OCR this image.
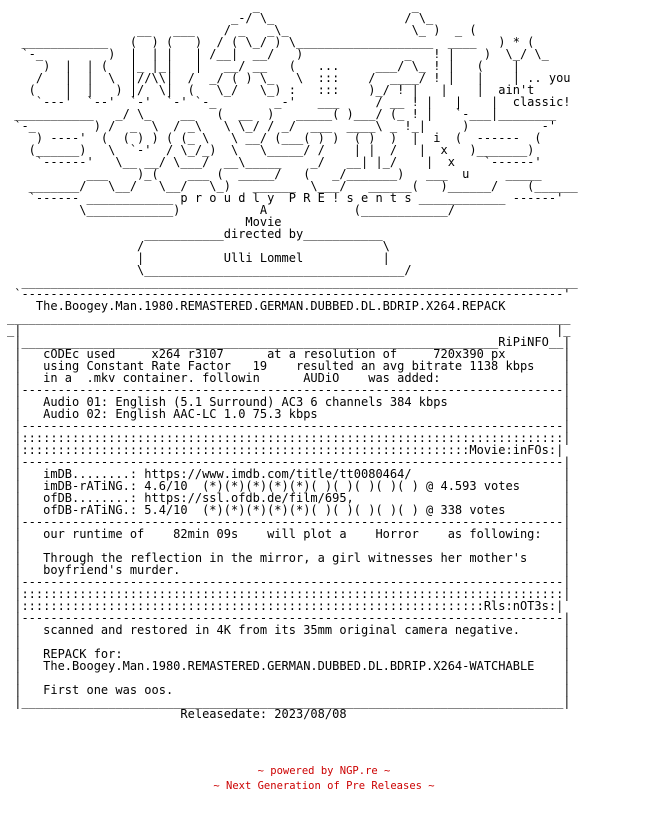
_                     _
_-/ \_                  / \_
__   ___    / _   _\_                 \_ )  _ (
____________   (  ) (   )  / ( \_/ ) \___________________  ____   ) * (
`-_         )  |  | |   | /__|  __/   )              _   ! |    )  \_/ \_
)  |  | (   |_ |_|   |   __/ __   (   ...     ___/ \_ ! |   (    |
/   |  |  \  |//\\|  /  _/ ( ) \_   \  :::    /  ____/ ! |   |    | .. you
(    |  |   ) |/  \|  (   \_/   \_) :   :::    )_/ ! |   |    |  ain't
`---'  `--'  `-'  `-' `-_        _-'   ___     / __ ! |   |    |  classic!
___________   _/ \_    __   (  __  )   _____( )___/ (_ ! |   `-___|________
`-_        ) /  _  \  / _\   \ \_/ / _/  ___  ____\ _ !_|     )          -'
) ----'  (  ( ) ) ( (_ \   \ __/ (___( ) )  ( )  )  |  i  (  ------  (
(______)   \  `-'  / \_/_)  \   \_____/ /    | |  /   |  x   )_______)
`------'   \__ __/ \___/  __\_____    _/   __| |_/    |  x    `------'
___    )_(    ___ (  _____/   (   _/_______)   ___  u     _____
_______/   \__/   \__/   \_)   ______  \___/   ______(   )______/    (______
`------ ____________ p r o u d l y  P R E ! s e n t s ____________ ------'
\____________)           A            (____________/
Movie
___________directed by___________
/                                 \
|           Ulli Lommel           |
\____________________________________/
_____________________________________________________________________________
`---------------------------------------------------------------------------'
The.Boogey.Man.1980.REMASTERED.GERMAN.DUBBED.DL.BDRIP.X264.REPACK
______________________________________________________________________________
_|                                                                          |_
|__________________________________________________________________RiPiNFO__|
|   cODEc used     x264 r3107      at a resolution of     720x390 px        |
|   using Constant Rate Factor   19    resulted an avg bitrate 1138 kbps    |
|   in a  .mkv container. followin      AUDiO    was added:                 |
|---------------------------------------------------------------------------|
|   Audio 01: English (5.1 Surround) AC3 6 channels 384 kbps                |
|   Audio 02: English AAC-LC 1.0 75.3 kbps                                  |
|---------------------------------------------------------------------------|
|:::::::::::::::::::::::::::::::::::::::::::::::::::::::::::::::::::::::::::|
|::::::::::::::::::::::::::::::::::::::::::::::::::::::::::::::Movie:inFOs:|
|---------------------------------------------------------------------------|
|   imDB........: https://www.imdb.com/title/tt0080464/                     |
|   imDB-rATiNG.: 4.6/10  (*)(*)(*)(*)(*)( )( )( )( )( ) @ 4.593 votes      |
|   ofDB........: https://ssl.ofdb.de/film/695,                             |
|   ofDB-rATiNG.: 5.4/10  (*)(*)(*)(*)(*)( )( )( )( )( ) @ 338 votes        |
|---------------------------------------------------------------------------|
|   our runtime of    82min 09s    will plot a    Horror    as following:   |
|                                                                           |
|   Through the reflection in the mirror, a girl witnesses her mother's     |
|   boyfriend's murder.                                                     |
|---------------------------------------------------------------------------|
|:::::::::::::::::::::::::::::::::::::::::::::::::::::::::::::::::::::::::::|
|::::::::::::::::::::::::::::::::::::::::::::::::::::::::::::::::Rls:nOT3s:|
|---------------------------------------------------------------------------|
|   scanned and restored in 4K from its 35mm original camera negative.      |
|                                                                           |
|   REPACK for:                                                             |
|   The.Boogey.Man.1980.REMASTERED.GERMAN.DUBBED.DL.BDRIP.X264-WATCHABLE    |
|                                                                           |
|   First one was oos.                                                      |
|___________________________________________________________________________|
Releasedate: 2023/08/08
~ powered by NGP.re ~
~ Next Generation of Pre Releases ~
